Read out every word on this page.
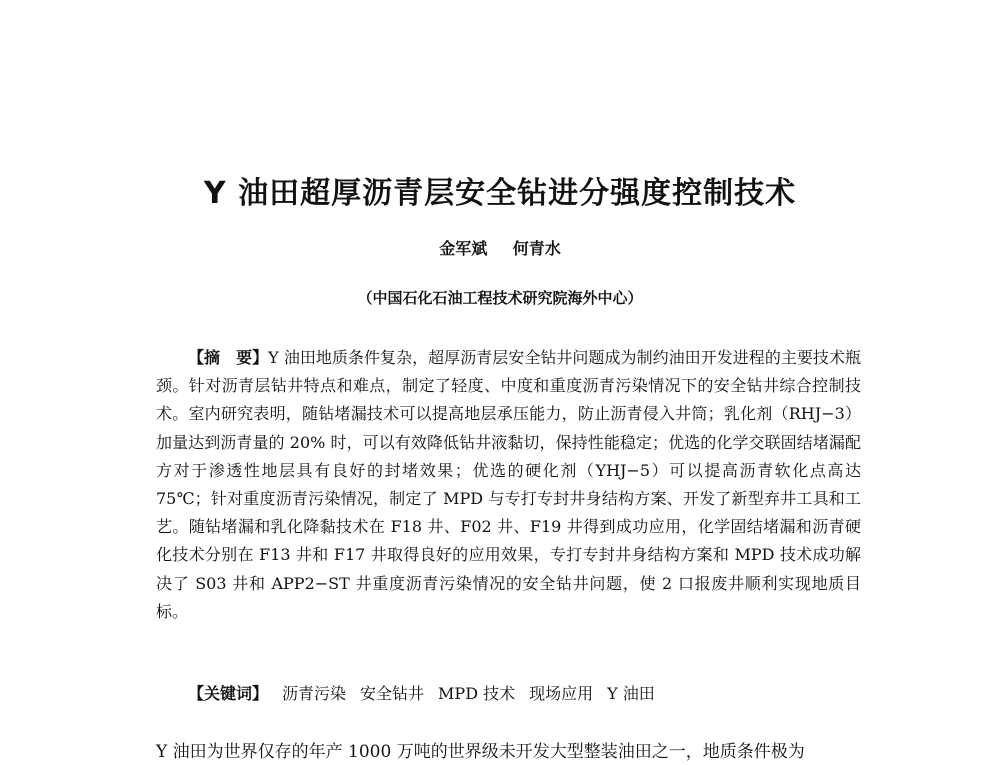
Y 油田超厚沥青层安全钻进分强度控制技术
金军斌 何青水
（中国石化石油工程技术研究院海外中心）
【摘　要】Y 油田地质条件复杂，超厚沥青层安全钻井问题成为制约油田开发进程的主要技术瓶颈。针对沥青层钻井特点和难点，制定了轻度、中度和重度沥青污染情况下的安全钻井综合控制技术。室内研究表明，随钻堵漏技术可以提高地层承压能力，防止沥青侵入井筒；乳化剂（RHJ−3）加量达到沥青量的 20% 时，可以有效降低钻井液黏切，保持性能稳定；优选的化学交联固结堵漏配方对于渗透性地层具有良好的封堵效果；优选的硬化剂（YHJ−5）可以提高沥青软化点高达 75℃；针对重度沥青污染情况，制定了 MPD 与专打专封井身结构方案、开发了新型弃井工具和工艺。随钻堵漏和乳化降黏技术在 F18 井、F02 井、F19 井得到成功应用，化学固结堵漏和沥青硬化技术分别在 F13 井和 F17 井取得良好的应用效果，专打专封井身结构方案和 MPD 技术成功解决了 S03 井和 APP2−ST 井重度沥青污染情况的安全钻井问题，使 2 口报废井顺利实现地质目标。
【关键词】 沥青污染 安全钻井 MPD 技术 现场应用 Y 油田
Y 油田为世界仅存的年产 1000 万吨的世界级未开发大型整装油田之一，地质条件极为
